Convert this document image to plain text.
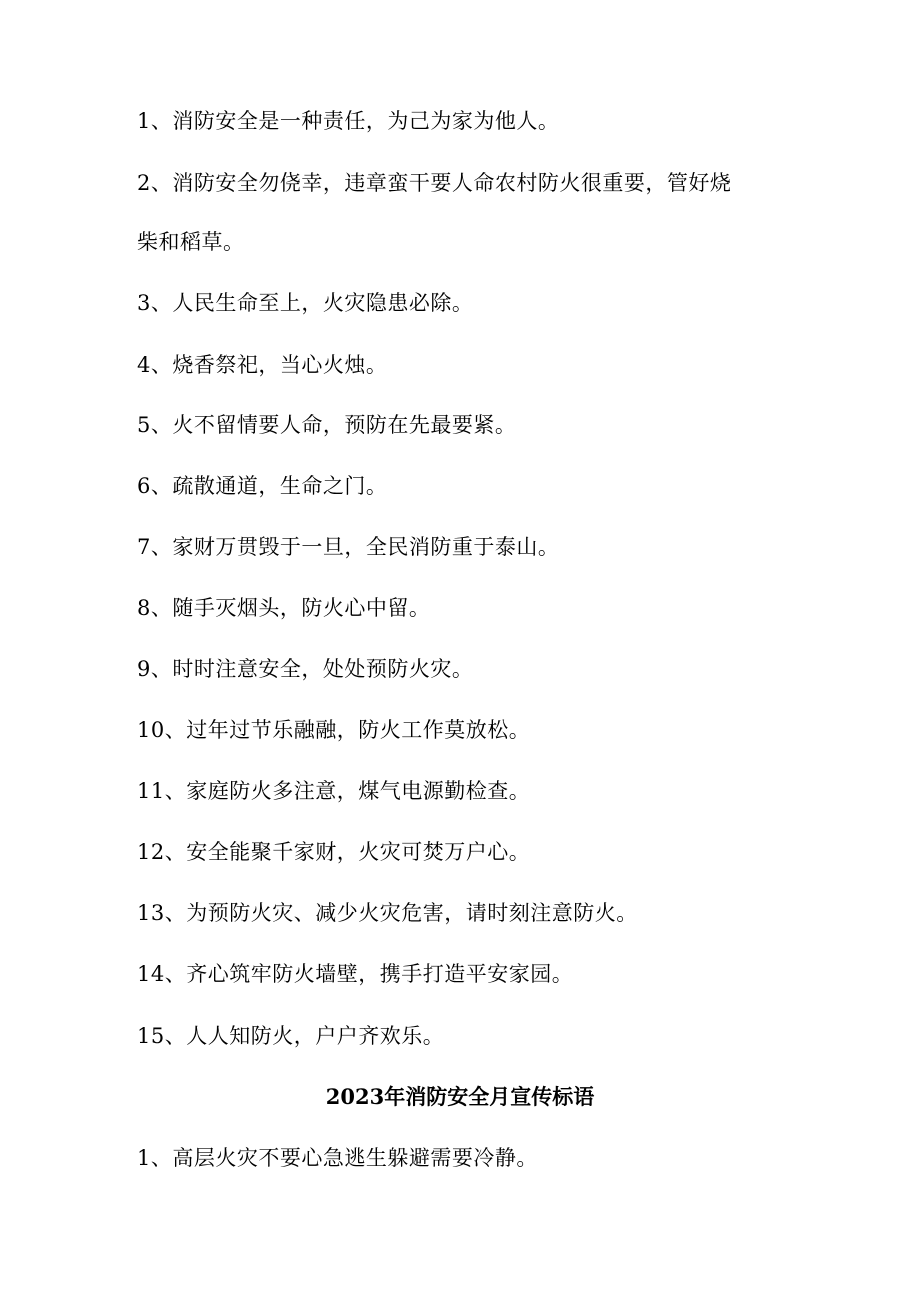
1、消防安全是一种责任，为己为家为他人。
2、消防安全勿侥幸，违章蛮干要人命农村防火很重要，管好烧
柴和稻草。
3、人民生命至上，火灾隐患必除。
4、烧香祭祀，当心火烛。
5、火不留情要人命，预防在先最要紧。
6、疏散通道，生命之门。
7、家财万贯毁于一旦，全民消防重于泰山。
8、随手灭烟头，防火心中留。
9、时时注意安全，处处预防火灾。
10、过年过节乐融融，防火工作莫放松。
11、家庭防火多注意，煤气电源勤检查。
12、安全能聚千家财，火灾可焚万户心。
13、为预防火灾、减少火灾危害，请时刻注意防火。
14、齐心筑牢防火墙壁，携手打造平安家园。
15、人人知防火，户户齐欢乐。
2023年消防安全月宣传标语
1、高层火灾不要心急逃生躲避需要冷静。
